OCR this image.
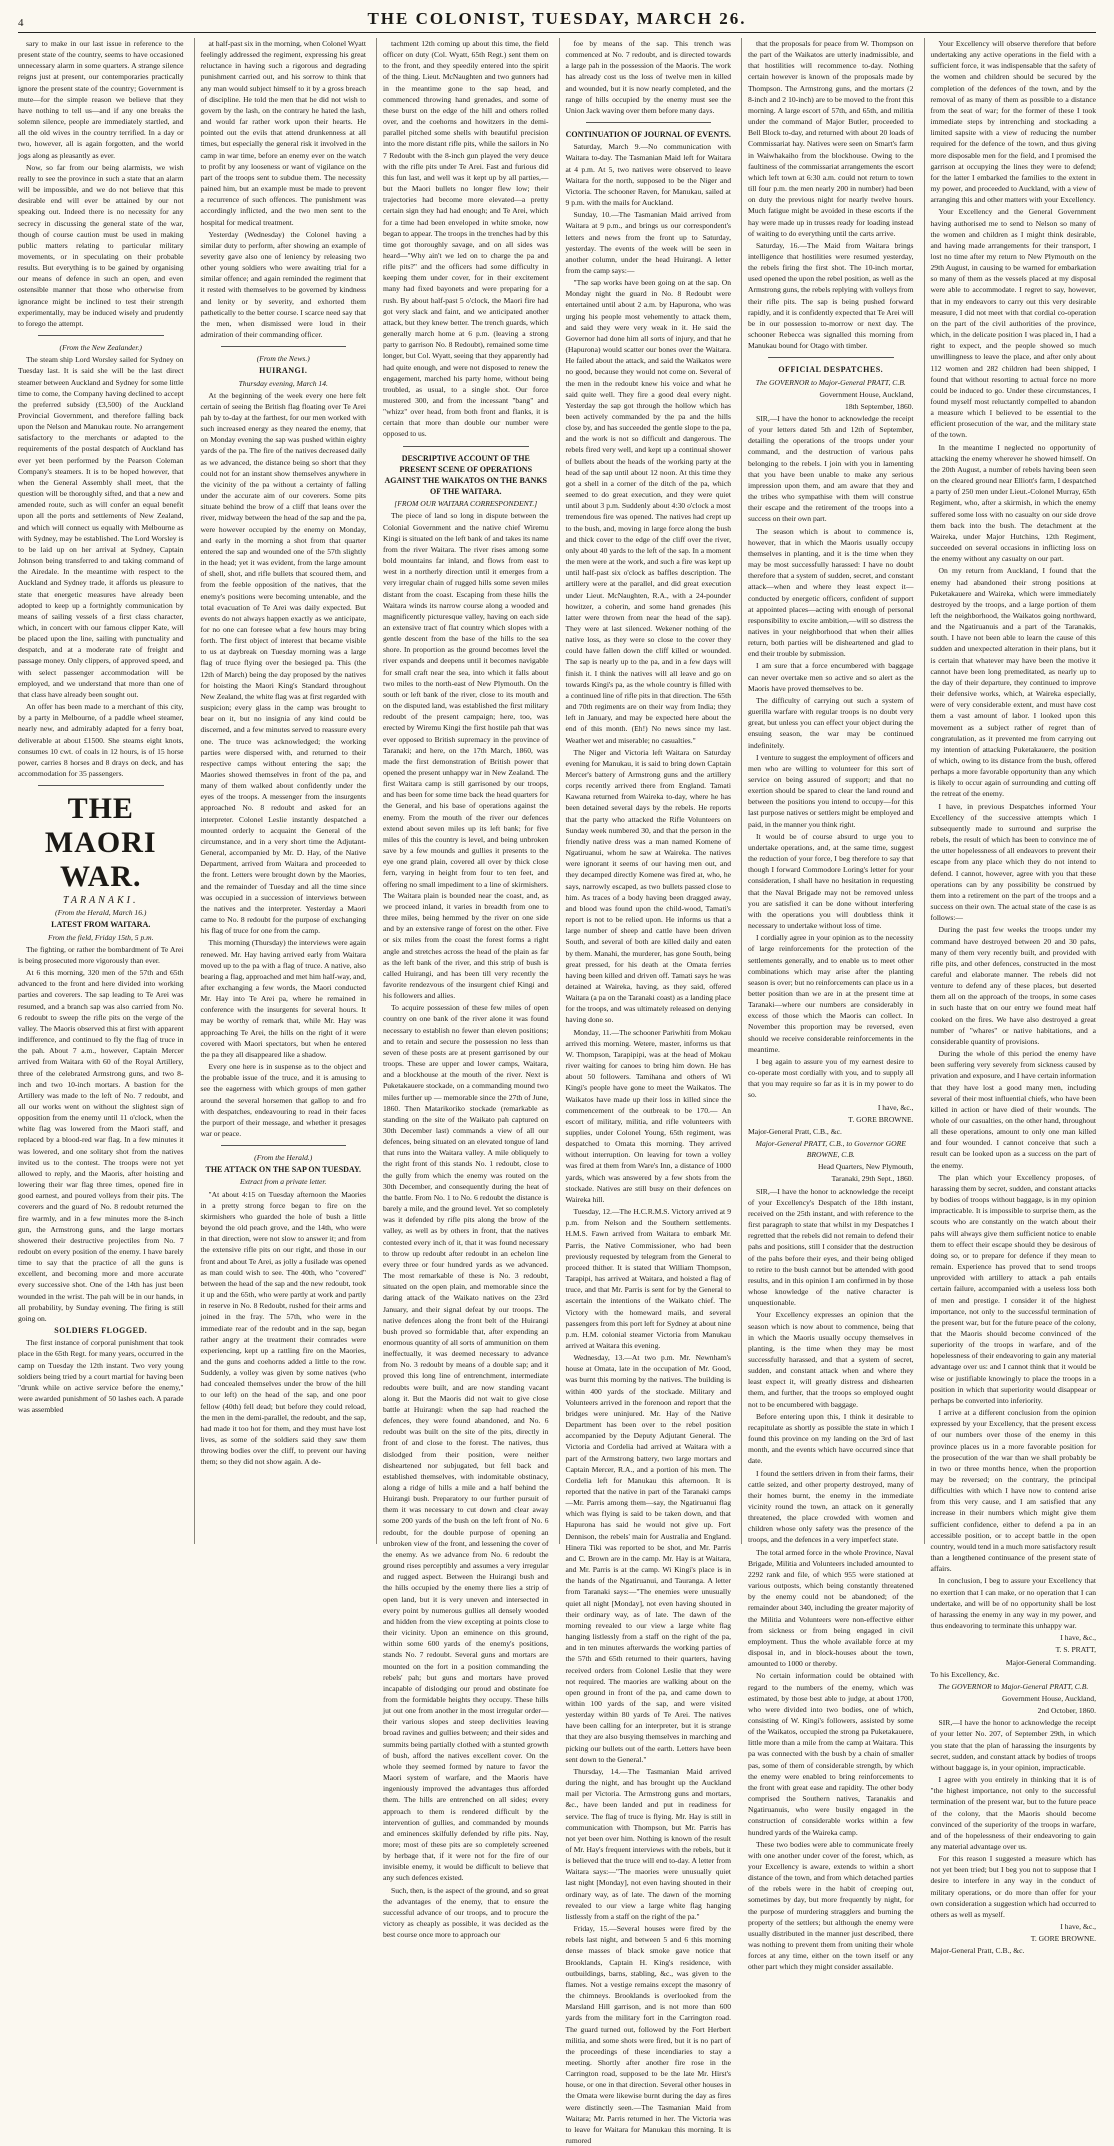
4	THE COLONIST, TUESDAY, MARCH 26.

sary to make in our last issue in reference to the present state of the country, seems to have occasioned unnecessary alarm in some quarters. A strange silence reigns just at present, our contemporaries practically ignore the present state of the country; Government is mute—for the simple reason we believe that they have nothing to tell us—and if any one breaks the solemn silence, people are immediately startled, and all the old wives in the country terrified. In a day or two, however, all is again forgotten, and the world jogs along as pleasantly as ever.

Now, so far from our being alarmists, we wish really to see the province in such a state that an alarm will be impossible, and we do not believe that this desirable end will ever be attained by our not speaking out. Indeed there is no necessity for any secrecy in discussing the general state of the war, though of course caution must be used in making public matters relating to particular military movements, or in speculating on their probable results. But everything is to be gained by organising our means of defence in such an open, and even ostensible manner that those who otherwise from ignorance might be inclined to test their strength experimentally, may be induced wisely and prudently to forego the attempt.

(From the New Zealander.)

The steam ship Lord Worsley sailed for Sydney on Tuesday last. It is said she will be the last direct steamer between Auckland and Sydney for some little time to come, the Company having declined to accept the preferred subsidy (£3,500) of the Auckland Provincial Government, and therefore falling back upon the Nelson and Manukau route. No arrangement satisfactory to the merchants or adapted to the requirements of the postal despatch of Auckland has ever yet been performed by the Pearson Coleman Company's steamers. It is to be hoped however, that when the General Assembly shall meet, that the question will be thoroughly sifted, and that a new and amended route, such as will confer an equal benefit upon all the ports and settlements of New Zealand, and which will connect us equally with Melbourne as with Sydney, may be established. The Lord Worsley is to be laid up on her arrival at Sydney, Captain Johnson being transferred to and taking command of the Airedale. In the meantime with respect to the Auckland and Sydney trade, it affords us pleasure to state that energetic measures have already been adopted to keep up a fortnightly communication by means of sailing vessels of a first class character, which, in concert with our famous clipper Kate, will be placed upon the line, sailing with punctuality and despatch, and at a moderate rate of freight and passage money. Only clippers, of approved speed, and with select passenger accommodation will be employed, and we understand that more than one of that class have already been sought out.

An offer has been made to a merchant of this city, by a party in Melbourne, of a paddle wheel steamer, nearly new, and admirably adapted for a ferry boat, deliverable at about £1500. She steams eight knots, consumes 10 cwt. of coals in 12 hours, is of 15 horse power, carries 8 horses and 8 drays on deck, and has accommodation for 35 passengers.

THE MAORI WAR.

TARANAKI.

(From the Herald, March 16.)

LATEST FROM WAITARA.

From the field, Friday 15th, 5 p.m.

The fighting, or rather the bombardment of Te Arei is being prosecuted more vigorously than ever.

At 6 this morning, 320 men of the 57th and 65th advanced to the front and here divided into working parties and coverers. The sap leading to Te Arei was resumed, and a branch sap was also carried from No. 6 redoubt to sweep the rifle pits on the verge of the valley. The Maoris observed this at first with apparent indifference, and continued to fly the flag of truce in the pah. About 7 a.m., however, Captain Mercer arrived from Waitara with 60 of the Royal Artillery, three of the celebrated Armstrong guns, and two 8-inch and two 10-inch mortars. A bastion for the Artillery was made to the left of No. 7 redoubt, and all our works went on without the slightest sign of opposition from the enemy until 11 o'clock, when the white flag was lowered from the Maori staff, and replaced by a blood-red war flag. In a few minutes it was lowered, and one solitary shot from the natives invited us to the contest. The troops were not yet allowed to reply, and the Maoris, after hoisting and lowering their war flag three times, opened fire in good earnest, and poured volleys from their pits. The coverers and the guard of No. 8 redoubt returned the fire warmly, and in a few minutes more the 8-inch gun, the Armstrong guns, and the large mortars showered their destructive projectiles from No. 7 redoubt on every position of the enemy. I have barely time to say that the practice of all the guns is excellent, and becoming more and more accurate every successive shot. One of the 14th has just been wounded in the wrist. The pah will be in our hands, in all probability, by Sunday evening. The firing is still going on.

SOLDIERS FLOGGED.

The first instance of corporal punishment that took place in the 65th Regt. for many years, occurred in the camp on Tuesday the 12th instant. Two very young soldiers being tried by a court martial for having been "drunk while on active service before the enemy," were awarded punishment of 50 lashes each. A parade was assembled

at half-past six in the morning, when Colonel Wyatt feelingly addressed the regiment, expressing his great reluctance in having such a rigorous and degrading punishment carried out, and his sorrow to think that any man would subject himself to it by a gross breach of discipline. He told the men that he did not wish to govern by the lash, on the contrary he hated the lash, and would far rather work upon their hearts. He pointed out the evils that attend drunkenness at all times, but especially the general risk it involved in the camp in war time, before an enemy ever on the watch to profit by any looseness or want of vigilance on the part of the troops sent to subdue them. The necessity pained him, but an example must be made to prevent a recurrence of such offences. The punishment was accordingly inflicted, and the two men sent to the hospital for medical treatment.

Yesterday (Wednesday) the Colonel having a similar duty to perform, after showing an example of severity gave also one of leniency by releasing two other young soldiers who were awaiting trial for a similar offence; and again reminded the regiment that it rested with themselves to be governed by kindness and lenity or by severity, and exhorted them pathetically to the better course. I scarce need say that the men, when dismissed were loud in their admiration of their commanding officer.

(From the News.)

HUIRANGI.

Thursday evening, March 14.

At the beginning of the week every one here felt certain of seeing the British flag floating over Te Arei pah by to-day at the farthest, for our men worked with such increased energy as they neared the enemy, that on Monday evening the sap was pushed within eighty yards of the pa. The fire of the natives decreased daily as we advanced, the distance being so short that they could not for an instant show themselves anywhere in the vicinity of the pa without a certainty of falling under the accurate aim of our coverers. Some pits situate behind the brow of a cliff that leans over the river, midway between the head of the sap and the pa, were however occupied by the enemy on Monday, and early in the morning a shot from that quarter entered the sap and wounded one of the 57th slightly in the head; yet it was evident, from the large amount of shell, shot, and rifle bullets that scoured them, and from the feeble opposition of the natives, that the enemy's positions were becoming untenable, and the total evacuation of Te Arei was daily expected. But events do not always happen exactly as we anticipate, for no one can foresee what a few hours may bring forth. The first object of interest that became visible to us at daybreak on Tuesday morning was a large flag of truce flying over the besieged pa. This (the 12th of March) being the day proposed by the natives for hoisting the Maori King's Standard throughout New Zealand, the white flag was at first regarded with suspicion; every glass in the camp was brought to bear on it, but no insignia of any kind could be discerned, and a few minutes served to reassure every one. The truce was acknowledged; the working parties were dispersed with, and returned to their respective camps without entering the sap; the Maories showed themselves in front of the pa, and many of them walked about confidently under the eyes of the troops. A messenger from the insurgents approached No. 8 redoubt and asked for an interpreter. Colonel Leslie instantly despatched a mounted orderly to acquaint the General of the circumstance, and in a very short time the Adjutant-General, accompanied by Mr. D. Hay, of the Native Department, arrived from Waitara and proceeded to the front. Letters were brought down by the Maories, and the remainder of Tuesday and all the time since was occupied in a succession of interviews between the natives and the interpreter. Yesterday a Maori came to No. 8 redoubt for the purpose of exchanging his flag of truce for one from the camp.

This morning (Thursday) the interviews were again renewed. Mr. Hay having arrived early from Waitara moved up to the pa with a flag of truce. A native, also bearing a flag, approached and met him half-way, and, after exchanging a few words, the Maori conducted Mr. Hay into Te Arei pa, where he remained in conference with the insurgents for several hours. It may be worthy of remark that, while Mr. Hay was approaching Te Arei, the hills on the right of it were covered with Maori spectators, but when he entered the pa they all disappeared like a shadow.

Every one here is in suspense as to the object and the probable issue of the truce, and it is amusing to see the eagerness with which groups of men gather around the several horsemen that gallop to and fro with despatches, endeavouring to read in their faces the purport of their message, and whether it presages war or peace.

(From the Herald.)

THE ATTACK ON THE SAP ON TUESDAY.

Extract from a private letter.

"At about 4:15 on Tuesday afternoon the Maories in a pretty strong force began to fire on the skirmishers who guarded the hole of bush a little beyond the old peach grove, and the 14th, who were in that direction, were not slow to answer it; and from the extensive rifle pits on our right, and those in our front and about Te Arei, as jolly a fusilade was opened as man could wish to see. The 40th, who "covered" between the head of the sap and the new redoubt, took it up and the 65th, who were partly at work and partly in reserve in No. 8 Redoubt, rushed for their arms and joined in the fray. The 57th, who were in the immediate rear of the redoubt and in the sap, began rather angry at the treatment their comrades were experiencing, kept up a rattling fire on the Maories, and the guns and coehorns added a little to the row. Suddenly, a volley was given by some natives (who had concealed themselves under the brow of the hill to our left) on the head of the sap, and one poor fellow (40th) fell dead; but before they could reload, the men in the demi-parallel, the redoubt, and the sap, had made it too hot for them, and they must have lost lives, as some of the soldiers said they saw them throwing bodies over the cliff, to prevent our having them; so they did not show again. A de-

tachment 12th coming up about this time, the field officer on duty (Col. Wyatt, 65th Regt.) sent them on to the front, and they speedily entered into the spirit of the thing. Lieut. McNaughten and two gunners had in the meantime gone to the sap head, and commenced throwing hand grenades, and some of these burst on the edge of the hill and others rolled over, and the coehorns and howitzers in the demi-parallel pitched some shells with beautiful precision into the more distant rifle pits, while the sailors in No 7 Redoubt with the 8-inch gun played the very deuce with the rifle pits under Te Arei. Fast and furious did this fun last, and well was it kept up by all parties,—but the Maori bullets no longer flew low; their trajectories had become more elevated—a pretty certain sign they had had enough; and Te Arei, which for a time had been enveloped in white smoke, now began to appear. The troops in the trenches had by this time got thoroughly savage, and on all sides was heard—"Why ain't we led on to charge the pa and rifle pits?" and the officers had some difficulty in keeping them under cover, for in their excitement many had fixed bayonets and were preparing for a rush. By about half-past 5 o'clock, the Maori fire had got very slack and faint, and we anticipated another attack, but they knew better. The trench guards, which generally march home at 6 p.m. (leaving a strong party to garrison No. 8 Redoubt), remained some time longer, but Col. Wyatt, seeing that they apparently had had quite enough, and were not disposed to renew the engagement, marched his party home, without being troubled, as usual, to a single shot. Our force mustered 300, and from the incessant "bang" and "whizz" over head, from both front and flanks, it is certain that more than double our number were opposed to us.

DESCRIPTIVE ACCOUNT OF THE PRESENT SCENE OF OPERATIONS AGAINST THE WAIKATOS ON THE BANKS OF THE WAITARA.

[FROM OUR WAITARA CORRESPONDENT.]

The piece of land so long in dispute between the Colonial Government and the native chief Wiremu Kingi is situated on the left bank of and takes its name from the river Waitara. The river rises among some bold mountains far inland, and flows from east to west in a northerly direction until it emerges from a very irregular chain of rugged hills some seven miles distant from the coast. Escaping from these hills the Waitara winds its narrow course along a wooded and magnificently picturesque valley, having on each side an extensive tract of flat country which slopes with a gentle descent from the base of the hills to the sea shore. In proportion as the ground becomes level the river expands and deepens until it becomes navigable for small craft near the sea, into which it falls about two miles to the north-east of New Plymouth. On the south or left bank of the river, close to its mouth and on the disputed land, was established the first military redoubt of the present campaign; here, too, was erected by Wiremu Kingi the first hostile pah that was ever opposed to British supremacy in the province of Taranaki; and here, on the 17th March, 1860, was made the first demonstration of British power that opened the present unhappy war in New Zealand. The first Waitara camp is still garrisoned by our troops, and has been for some time back the head quarters for the General, and his base of operations against the enemy. From the mouth of the river our defences extend about seven miles up its left bank; for five miles of this the country is level, and being unbroken save by a few mounds and gullies it presents to the eye one grand plain, covered all over by thick close fern, varying in height from four to ten feet, and offering no small impediment to a line of skirmishers. The Waitara plain is bounded near the coast, and, as we proceed inland, it varies in breadth from one to three miles, being hemmed by the river on one side and by an extensive range of forest on the other. Five or six miles from the coast the forest forms a right angle and stretches across the head of the plain as far as the left bank of the river, and this strip of bush is called Huirangi, and has been till very recently the favorite rendezvous of the insurgent chief Kingi and his followers and allies.

To acquire possession of these few miles of open country on one bank of the river alone it was found necessary to establish no fewer than eleven positions; and to retain and secure the possession no less than seven of these posts are at present garrisoned by our troops. These are upper and lower camps, Waitara, and a blockhouse at the mouth of the river. Next is Puketakauere stockade, on a commanding mound two miles further up — memorable since the 27th of June, 1860. Then Matarikoriko stockade (remarkable as standing on the site of the Waikato pah captured on 30th December last) commands a view of all our defences, being situated on an elevated tongue of land that runs into the Waitara valley. A mile obliquely to the right front of this stands No. 1 redoubt, close to the gully from which the enemy was routed on the 30th December, and consequently during the heat of the battle. From No. 1 to No. 6 redoubt the distance is barely a mile, and the ground level. Yet so completely was it defended by rifle pits along the brow of the valley, as well as by others in front, that the natives contested every inch of it, that it was found necessary to throw up redoubt after redoubt in an echelon line every three or four hundred yards as we advanced. The most remarkable of these is No. 3 redoubt, situated on the open plain, and memorable since the daring attack of the Waikato natives on the 23rd January, and their signal defeat by our troops. The native defences along the front belt of the Huirangi bush proved so formidable that, after expending an enormous quantity of all sorts of ammunition on them ineffectually, it was deemed necessary to advance from No. 3 redoubt by means of a double sap; and it proved this long line of entrenchment, intermediate redoubts were built, and are now standing vacant along it. But the Maoris did not wait to give close battle at Huirangi: when the sap had reached the defences, they were found abandoned, and No. 6 redoubt was built on the site of the pits, directly in front of and close to the forest. The natives, thus dislodged from their position, were neither disheartened nor subjugated, but fell back and established themselves, with indomitable obstinacy, along a ridge of hills a mile and a half behind the Huirangi bush. Preparatory to our further pursuit of them it was necessary to cut down and clear away some 200 yards of the bush on the left front of No. 6 redoubt, for the double purpose of opening an unbroken view of the front, and lessening the cover of the enemy. As we advance from No. 6 redoubt the ground rises perceptibly and assumes a very irregular and rugged aspect. Between the Huirangi bush and the hills occupied by the enemy there lies a strip of open land, but it is very uneven and intersected in every point by numerous gullies all densely wooded and hidden from the view excepting at points close to their vicinity. Upon an eminence on this ground, within some 600 yards of the enemy's positions, stands No. 7 redoubt. Several guns and mortars are mounted on the fort in a position commanding the rebels' pah; but guns and mortars have proved incapable of dislodging our proud and obstinate foe from the formidable heights they occupy. These hills jut out one from another in the most irregular order—their various slopes and steep declivities leaving broad ravines and gullies between; and their sides and summits being partially clothed with a stunted growth of bush, afford the natives excellent cover. On the whole they seemed formed by nature to favor the Maori system of warfare, and the Maoris have ingeniously improved the advantages thus afforded them. The hills are entrenched on all sides; every approach to them is rendered difficult by the intervention of gullies, and commanded by mounds and eminences skilfully defended by rifle pits. Nay, more; most of these pits are so completely screened by herbage that, if it were not for the fire of our invisible enemy, it would be difficult to believe that any such defences existed.

Such, then, is the aspect of the ground, and so great the advantages of the enemy, that to ensure the successful advance of our troops, and to procure the victory as cheaply as possible, it was decided as the best course once more to approach our

foe by means of the sap. This trench was commenced at No. 7 redoubt, and is directed towards a large pah in the possession of the Maoris. The work has already cost us the loss of twelve men in killed and wounded, but it is now nearly completed, and the range of hills occupied by the enemy must see the Union Jack waving over them before many days.

CONTINUATION OF JOURNAL OF EVENTS.

Saturday, March 9.—No communication with Waitara to-day. The Tasmanian Maid left for Waitara at 4 p.m. At 5, two natives were observed to leave Waitara for the north, supposed to be the Niger and Victoria. The schooner Raven, for Manukau, sailed at 9 p.m. with the mails for Auckland.

Sunday, 10.—The Tasmanian Maid arrived from Waitara at 9 p.m., and brings us our correspondent's letters and news from the front up to Saturday, yesterday. The events of the week will be seen in another column, under the head Huirangi. A letter from the camp says:—

"The sap works have been going on at the sap. On Monday night the guard in No. 8 Redoubt were entertained until about 2 a.m. by Hapurona, who was urging his people most vehemently to attack them, and said they were very weak in it. He said the Governor had done him all sorts of injury, and that he (Hapurona) would scatter our bones over the Waitara. He failed about the attack, and said the Waikatos were no good, because they would not come on. Several of the men in the redoubt knew his voice and what he said quite well. They fire a good deal every night. Yesterday the sap got through the hollow which has been actively commanded by the pa and the hills close by, and has succeeded the gentle slope to the pa, and the work is not so difficult and dangerous. The rebels fired very well, and kept up a continual shower of bullets about the heads of the working party at the head of the sap until about 12 noon. At this time they got a shell in a corner of the ditch of the pa, which seemed to do great execution, and they were quiet until about 3 p.m. Suddenly about 4:30 o'clock a most tremendous fire was opened. The natives had crept up to the bush, and, moving in large force along the bush and thick cover to the edge of the cliff over the river, only about 40 yards to the left of the sap. In a moment the men were at the work, and such a fire was kept up until half-past six o'clock as baffles description. The artillery were at the parallel, and did great execution under Lieut. McNaughten, R.A., with a 24-pounder howitzer, a coherin, and some hand grenades (his latter were thrown from near the head of the sap). They were at last silenced. Wekener nothing of the native loss, as they were so close to the cover they could have fallen down the cliff killed or wounded. The sap is nearly up to the pa, and in a few days will finish it. I think the natives will all leave and go on towards Kingi's pa, as the whole country is filled with a continued line of rifle pits in that direction. The 65th and 70th regiments are on their way from India; they left in January, and may be expected here about the end of this month. (Eh!) No news since my last. Weather wet and miserable; no casualties."

The Niger and Victoria left Waitara on Saturday evening for Manukau, it is said to bring down Captain Mercer's battery of Armstrong guns and the artillery corps recently arrived there from England. Tamati Kawana returned from Waireka to-day, where he has been detained several days by the rebels. He reports that the party who attacked the Rifle Volunteers on Sunday week numbered 30, and that the person in the friendly native dress was a man named Komene of Ngatiruanui, whom he saw at Waireka. The natives were ignorant it seems of our having men out, and they decamped directly Komene was fired at, who, he says, narrowly escaped, as two bullets passed close to him. As traces of a body having been dragged away, and blood was found upon the child-wood, Tamati's report is not to be relied upon. He informs us that a large number of sheep and cattle have been driven South, and several of both are killed daily and eaten by them. Manahi, the murderer, has gone South, being great pressed, for his death at the Omata ferries having been killed and driven off. Tamati says he was detained at Waireka, having, as they said, offered Waitara (a pa on the Taranaki coast) as a landing place for the troops, and was ultimately released on denying having done so.

Monday, 11.—The schooner Pariwhiti from Mokau arrived this morning. Wetere, master, informs us that W. Thompson, Tarapipipi, was at the head of Mokau river waiting for canoes to bring him down. He has about 50 followers. Tamihana and others of Wi Kingi's people have gone to meet the Waikatos. The Waikatos have made up their loss in killed since the commencement of the outbreak to be 170.— An escort of military, militia, and rifle volunteers with supplies, under Colonel Young, 65th regiment, was despatched to Omata this morning. They arrived without interruption. On leaving for town a volley was fired at them from Ware's Inn, a distance of 1000 yards, which was answered by a few shots from the stockade. Natives are still busy on their defences on Waireka hill.

Tuesday, 12.—The H.C.R.M.S. Victory arrived at 9 p.m. from Nelson and the Southern settlements. H.M.S. Fawn arrived from Waitara to embark Mr. Parris, the Native Commissioner, who had been previously requested by telegram from the General to proceed thither. It is stated that William Thompson, Tarapipi, has arrived at Waitara, and hoisted a flag of truce, and that Mr. Parris is sent for by the General to ascertain the intentions of the Waikato chief. The Victory with the homeward mails, and several passengers from this port left for Sydney at about nine p.m. H.M. colonial steamer Victoria from Manukau arrived at Waitara this evening.

Wednesday, 13.—At two p.m. Mr. Newnham's house at Omata, late in the occupation of Mr. Good, was burnt this morning by the natives. The building is within 400 yards of the stockade. Military and Volunteers arrived in the forenoon and report that the bridges were uninjured. Mr. Hay of the Native Department has been over to the rebel position accompanied by the Deputy Adjutant General. The Victoria and Cordelia had arrived at Waitara with a part of the Armstrong battery, two large mortars and Captain Mercer, R.A., and a portion of his men. The Cordelia left for Manukau this afternoon. It is reported that the native in part of the Taranaki camps—Mr. Parris among them—say, the Ngatiruanui flag which was flying is said to be taken down, and that Hapurona has said he would not give up. Fort Dennison, the rebels' main for Australia and England. Hinera Tiki was reported to be shot, and Mr. Parris and C. Brown are in the camp. Mr. Hay is at Waitara, and Mr. Parris is at the camp. Wi Kingi's place is in the hands of the Ngatiruanui, and Tauranga. A letter from Taranaki says:—"The enemies were unusually quiet all night [Monday], not even having shouted in their ordinary way, as of late. The dawn of the morning revealed to our view a large white flag hanging listlessly from a staff on the right of the pa, and in ten minutes afterwards the working parties of the 57th and 65th returned to their quarters, having received orders from Colonel Leslie that they were not required. The maories are walking about on the open ground in front of the pa, and came down to within 100 yards of the sap, and were visited yesterday within 80 yards of Te Arei. The natives have been calling for an interpreter, but it is strange that they are also busying themselves in marching and picking our bullets out of the earth. Letters have been sent down to the General."

Thursday, 14.—The Tasmanian Maid arrived during the night, and has brought up the Auckland mail per Victoria. The Armstrong guns and mortars, &c., have been landed and put in readiness for service. The flag of truce is flying. Mr. Hay is still in communication with Thompson, but Mr. Parris has not yet been over him. Nothing is known of the result of Mr. Hay's frequent interviews with the rebels, but it is believed that the truce will end to-day. A letter from Waitara says:—"The maories were unusually quiet last night [Monday], not even having shouted in their ordinary way, as of late. The dawn of the morning revealed to our view a large white flag hanging listlessly from a staff on the right of the pa."

Friday, 15.—Several houses were fired by the rebels last night, and between 5 and 6 this morning dense masses of black smoke gave notice that Brooklands, Captain H. King's residence, with outbuildings, barns, stabling, &c., was given to the flames. Not a vestige remains except the masonry of the chimneys. Brooklands is overlooked from the Marsland Hill garrison, and is not more than 600 yards from the military fort in the Carrington road. The guard turned out, followed by the Fort Herbert militia, and some shots were fired, but it is no part of the proceedings of these incendiaries to stay a meeting. Shortly after another fire rose in the Carrington road, supposed to be the late Mr. Hirst's house, or one in that direction. Several other houses in the Omata were likewise burnt during the day as fires were distinctly seen.—The Tasmanian Maid from Waitara; Mr. Parris returned in her. The Victoria was to leave for Waitara for Manukau this morning. It is rumored

that the proposals for peace from W. Thompson on the part of the Waikatos are utterly inadmissible, and that hostilities will recommence to-day. Nothing certain however is known of the proposals made by Thompson. The Armstrong guns, and the mortars (2 8-inch and 2 10-inch) are to be moved to the front this morning. A large escort of 57th, and 65th, and militia under the command of Major Butler, proceeded to Bell Block to-day, and returned with about 20 loads of Commissariat hay. Natives were seen on Smart's farm in Waiwhakaiho from the blockhouse. Owing to the faultiness of the commissariat arrangements the escort which left town at 6:30 a.m. could not return to town till four p.m. the men nearly 200 in number) had been on duty the previous night for nearly twelve hours. Much fatigue might be avoided in these escorts if the hay were made up in trusses ready for loading instead of waiting to do everything until the carts arrive.

Saturday, 16.—The Maid from Waitara brings intelligence that hostilities were resumed yesterday, the rebels firing the first shot. The 10-inch mortar, used opened the upon the rebel position, as well as the Armstrong guns, the rebels replying with volleys from their rifle pits. The sap is being pushed forward rapidly, and it is confidently expected that Te Arei will be in our possession to-morrow or next day. The schooner Rebecca was signalled this morning from Manukau bound for Otago with timber.

OFFICIAL DESPATCHES.

The GOVERNOR to Major-General PRATT, C.B.

Government House, Auckland,

18th September, 1860.

SIR,—I have the honor to acknowledge the receipt of your letters dated 5th and 12th of September, detailing the operations of the troops under your command, and the destruction of various pahs belonging to the rebels. I join with you in lamenting that you have been unable to make any serious impression upon them, and am aware that they and the tribes who sympathise with them will construe their escape and the retirement of the troops into a success on their own part.

The season which is about to commence is, however, that in which the Maoris usually occupy themselves in planting, and it is the time when they may be most successfully harassed: I have no doubt therefore that a system of sudden, secret, and constant attack—when and where they least expect it—conducted by energetic officers, confident of support at appointed places—acting with enough of personal responsibility to excite ambition,—will so distress the natives in your neighborhood that when their allies return, both parties will be disheartened and glad to end their trouble by submission.

I am sure that a force encumbered with baggage can never overtake men so active and so alert as the Maoris have proved themselves to be.

The difficulty of carrying out such a system of guerilla warfare with regular troops is no doubt very great, but unless you can effect your object during the ensuing season, the war may be continued indefinitely.

I venture to suggest the employment of officers and men who are willing to volunteer for this sort of service on being assured of support; and that no exertion should be spared to clear the land round and between the positions you intend to occupy—for this last purpose natives or settlers might be employed and paid, in the manner you think right.

It would be of course absurd to urge you to undertake operations, and, at the same time, suggest the reduction of your force, I beg therefore to say that though I forward Commodore Loring's letter for your consideration, I shall have no hesitation in requesting that the Naval Brigade may not be removed unless you are satisfied it can be done without interfering with the operations you will doubtless think it necessary to undertake without loss of time.

I cordially agree in your opinion as to the necessity of large reinforcements for the protection of the settlements generally, and to enable us to meet other combinations which may arise after the planting season is over; but no reinforcements can place us in a better position than we are in at the present time at Taranaki—where our numbers are considerably in excess of those which the Maoris can collect. In November this proportion may be reversed, even should we receive considerable reinforcements in the meantime.

I beg again to assure you of my earnest desire to co-operate most cordially with you, and to supply all that you may require so far as it is in my power to do so.

I have, &c.,

T. GORE BROWNE.

Major-General Pratt, C.B., &c.

Major-General PRATT, C.B., to Governor GORE BROWNE, C.B.

Head Quarters, New Plymouth,

Taranaki, 29th Sept., 1860.

SIR,—I have the honor to acknowledge the receipt of your Excellency's Despatch of the 18th instant, received on the 25th instant, and with reference to the first paragraph to state that whilst in my Despatches I regretted that the rebels did not remain to defend their pahs and positions, still I consider that the destruction of the pahs before their eyes, and their being obliged to retire to the bush cannot but be attended with good results, and in this opinion I am confirmed in by those whose knowledge of the native character is unquestionable.

Your Excellency expresses an opinion that the season which is now about to commence, being that in which the Maoris usually occupy themselves in planting, is the time when they may be most successfully harassed, and that a system of secret, sudden, and constant attack when and where they least expect it, will greatly distress and dishearten them, and further, that the troops so employed ought not to be encumbered with baggage.

Before entering upon this, I think it desirable to recapitulate as shortly as possible the state in which I found this province on my landing on the 3rd of last month, and the events which have occurred since that date.

I found the settlers driven in from their farms, their cattle seized, and other property destroyed, many of their homes burnt, the enemy in the immediate vicinity round the town, an attack on it generally threatened, the place crowded with women and children whose only safety was the presence of the troops, and the defences in a very imperfect state.

The total armed force in the whole Province, Naval Brigade, Militia and Volunteers included amounted to 2292 rank and file, of which 955 were stationed at various outposts, which being constantly threatened by the enemy could not be abandoned; of the remainder about 340, including the greater majority of the Militia and Volunteers were non-effective either from sickness or from being engaged in civil employment. Thus the whole available force at my disposal in, and in block-houses about the town, amounted to 1000 or thereby.

No certain information could be obtained with regard to the numbers of the enemy, which was estimated, by those best able to judge, at about 1700, who were divided into two bodies, one of which, consisting of W. Kingi's followers, assisted by some of the Waikatos, occupied the strong pa Puketakauere, little more than a mile from the camp at Waitara. This pa was connected with the bush by a chain of smaller pas, some of them of considerable strength, by which the enemy were enabled to bring reinforcements to the front with great ease and rapidity. The other body comprised the Southern natives, Taranakis and Ngatiruanuis, who were busily engaged in the construction of considerable works within a few hundred yards of the Waireka camp.

These two bodies were able to communicate freely with one another under cover of the forest, which, as your Excellency is aware, extends to within a short distance of the town, and from which detached parties of the rebels were in the habit of creeping out, sometimes by day, but more frequently by night, for the purpose of murdering stragglers and burning the property of the settlers; but although the enemy were usually distributed in the manner just described, there was nothing to prevent them from uniting their whole forces at any time, either on the town itself or any other part which they might consider assailable.

Your Excellency will observe therefore that before undertaking any active operations in the field with a sufficient force, it was indispensable that the safety of the women and children should be secured by the completion of the defences of the town, and by the removal of as many of them as possible to a distance from the seat of war; for the former of these I took immediate steps by intrenching and stockading a limited sapsite with a view of reducing the number required for the defence of the town, and thus giving more disposable men for the field, and I promised the garrison at occupying the lines they were to defend; for the latter I embarked the families to the extent in my power, and proceeded to Auckland, with a view of arranging this and other matters with your Excellency.

Your Excellency and the General Government having authorised me to send to Nelson so many of the women and children as I might think desirable, and having made arrangements for their transport, I lost no time after my return to New Plymouth on the 29th August, in causing to be warned for embarkation so many of them as the vessels placed at my disposal were able to accommodate. I regret to say, however, that in my endeavors to carry out this very desirable measure, I did not meet with that cordial co-operation on the part of the civil authorities of the province, which, in the delicate position I was placed in, I had a right to expect, and the people showed so much unwillingness to leave the place, and after only about 112 women and 282 children had been shipped, I found that without resorting to actual force no more could be induced to go. Under these circumstances, I found myself most reluctantly compelled to abandon a measure which I believed to be essential to the efficient prosecution of the war, and the military state of the town.

In the meantime I neglected no opportunity of attacking the enemy wherever he showed himself. On the 20th August, a number of rebels having been seen on the cleared ground near Elliott's farm, I despatched a party of 250 men under Lieut.-Colonel Murray, 65th Regiment, who, after a skirmish, in which the enemy suffered some loss with no casualty on our side drove them back into the bush. The detachment at the Waireka, under Major Hutchins, 12th Regiment, succeeded on several occasions in inflicting loss on the enemy without any casualty on our part.

On my return from Auckland, I found that the enemy had abandoned their strong positions at Puketakauere and Waireka, which were immediately destroyed by the troops, and a large portion of them left the neighborhood, the Waikatos going northward, and the Ngatiruanuis and a part of the Taranakis, south. I have not been able to learn the cause of this sudden and unexpected alteration in their plans, but it is certain that whatever may have been the motive it cannot have been long premeditated, as nearly up to the day of their departure, they continued to improve their defensive works, which, at Waireka especially, were of very considerable extent, and must have cost them a vast amount of labor. I looked upon this movement as a subject rather of regret than of congratulation, as it prevented me from carrying out my intention of attacking Puketakauere, the position of which, owing to its distance from the bush, offered perhaps a more favorable opportunity than any which is likely to occur again of surrounding and cutting off the retreat of the enemy.

I have, in previous Despatches informed Your Excellency of the successive attempts which I subsequently made to surround and surprise the rebels, the result of which has been to convince me of the utter hopelessness of all endeavors to prevent their escape from any place which they do not intend to defend. I cannot, however, agree with you that these operations can by any possibility be construed by them into a retirement on the part of the troops and a success on their own. The actual state of the case is as follows:—

During the past few weeks the troops under my command have destroyed between 20 and 30 pahs, many of them very recently built, and provided with rifle pits, and other defences, constructed in the most careful and elaborate manner. The rebels did not venture to defend any of these places, but deserted them all on the approach of the troops, in some cases in such haste that on our entry we found meat half cooked on the fires. We have also destroyed a great number of "whares" or native habitations, and a considerable quantity of provisions.

During the whole of this period the enemy have been suffering very severely from sickness caused by privation and exposure, and I have certain information that they have lost a good many men, including several of their most influential chiefs, who have been killed in action or have died of their wounds. The whole of our casualties, on the other hand, throughout all these operations, amount to only one man killed and four wounded. I cannot conceive that such a result can be looked upon as a success on the part of the enemy.

The plan which your Excellency proposes, of harassing them by secret, sudden, and constant attacks by bodies of troops without baggage, is in my opinion impracticable. It is impossible to surprise them, as the scouts who are constantly on the watch about their pahs will always give them sufficient notice to enable them to effect their escape should they be desirous of doing so, or to prepare for defence if they mean to remain. Experience has proved that to send troops unprovided with artillery to attack a pah entails certain failure, accompanied with a useless loss both of men and prestige. I consider it of the highest importance, not only to the successful termination of the present war, but for the future peace of the colony, that the Maoris should become convinced of the superiority of the troops in warfare, and of the hopelessness of their endeavoring to gain any material advantage over us: and I cannot think that it would be wise or justifiable knowingly to place the troops in a position in which that superiority would disappear or perhaps be converted into inferiority.

I arrive at a different conclusion from the opinion expressed by your Excellency, that the present excess of our numbers over those of the enemy in this province places us in a more favorable position for the prosecution of the war than we shall probably be in two or three months hence, when the proportion may be reversed; on the contrary, the principal difficulties with which I have now to contend arise from this very cause, and I am satisfied that any increase in their numbers which might give them sufficient confidence, either to defend a pa in an accessible position, or to accept battle in the open country, would tend in a much more satisfactory result than a lengthened continuance of the present state of affairs.

In conclusion, I beg to assure your Excellency that no exertion that I can make, or no operation that I can undertake, and will be of no opportunity shall be lost of harassing the enemy in any way in my power, and thus endeavoring to terminate this unhappy war.

I have, &c.,

T. S. PRATT,

Major-General Commanding.

To his Excellency, &c.

The GOVERNOR to Major-General PRATT, C.B.

Government House, Auckland,

2nd October, 1860.

SIR,—I have the honor to acknowledge the receipt of your letter No. 207, of September 29th, in which you state that the plan of harassing the insurgents by secret, sudden, and constant attack by bodies of troops without baggage is, in your opinion, impracticable.

I agree with you entirely in thinking that it is of "the highest importance, not only to the successful termination of the present war, but to the future peace of the colony, that the Maoris should become convinced of the superiority of the troops in warfare, and of the hopelessness of their endeavoring to gain any material advantage over us.

For this reason I suggested a measure which has not yet been tried; but I beg you not to suppose that I desire to interfere in any way in the conduct of military operations, or do more than offer for your own consideration a suggestion which had occurred to others as well as myself.

I have, &c.,

T. GORE BROWNE.

Major-General Pratt, C.B., &c.
